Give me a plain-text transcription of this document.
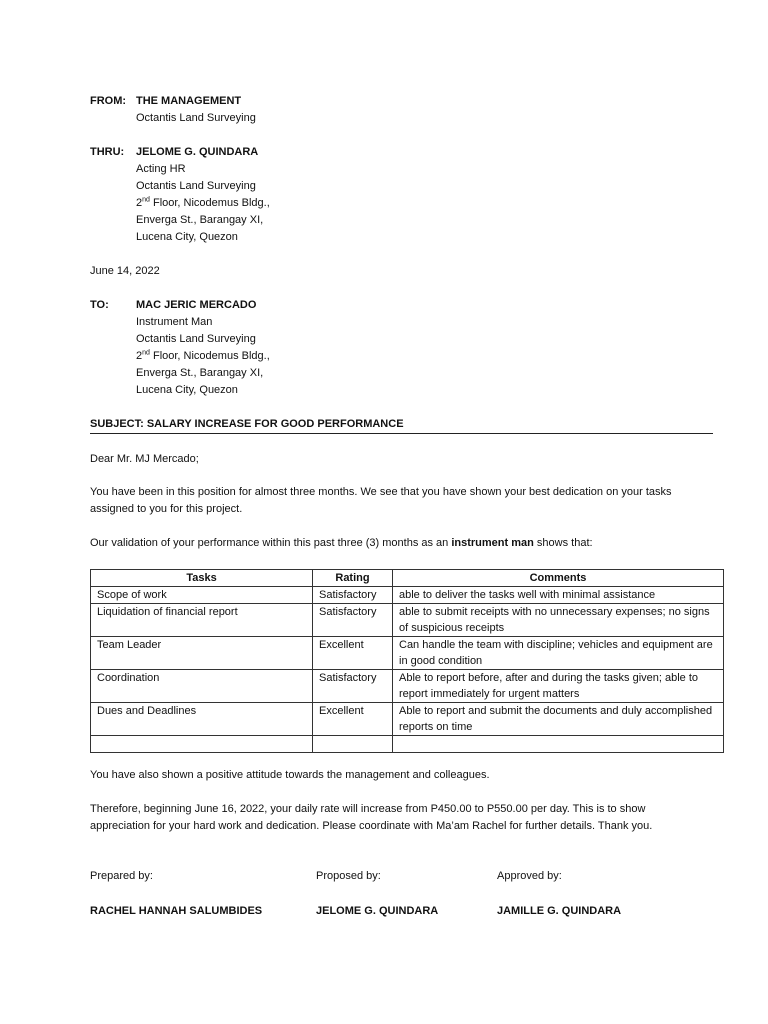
FROM: THE MANAGEMENT
Octantis Land Surveying
THRU: JELOME G. QUINDARA
Acting HR
Octantis Land Surveying
2nd Floor, Nicodemus Bldg.,
Enverga St., Barangay XI,
Lucena City, Quezon
June 14, 2022
TO: MAC JERIC MERCADO
Instrument Man
Octantis Land Surveying
2nd Floor, Nicodemus Bldg.,
Enverga St., Barangay XI,
Lucena City, Quezon
SUBJECT: SALARY INCREASE FOR GOOD PERFORMANCE
Dear Mr. MJ Mercado;
You have been in this position for almost three months. We see that you have shown your best dedication on your tasks assigned to you for this project.
Our validation of your performance within this past three (3) months as an instrument man shows that:
Tasks	Rating	Comments
Scope of work	Satisfactory	able to deliver the tasks well with minimal assistance
Liquidation of financial report	Satisfactory	able to submit receipts with no unnecessary expenses; no signs of suspicious receipts
Team Leader	Excellent	Can handle the team with discipline; vehicles and equipment are in good condition
Coordination	Satisfactory	Able to report before, after and during the tasks given; able to report immediately for urgent matters
Dues and Deadlines	Excellent	Able to report and submit the documents and duly accomplished reports on time

You have also shown a positive attitude towards the management and colleagues.
Therefore, beginning June 16, 2022, your daily rate will increase from P450.00 to P550.00 per day. This is to show appreciation for your hard work and dedication. Please coordinate with Ma’am Rachel for further details. Thank you.
Prepared by:	Proposed by:	Approved by:
RACHEL HANNAH SALUMBIDES	JELOME G. QUINDARA	JAMILLE G. QUINDARA
